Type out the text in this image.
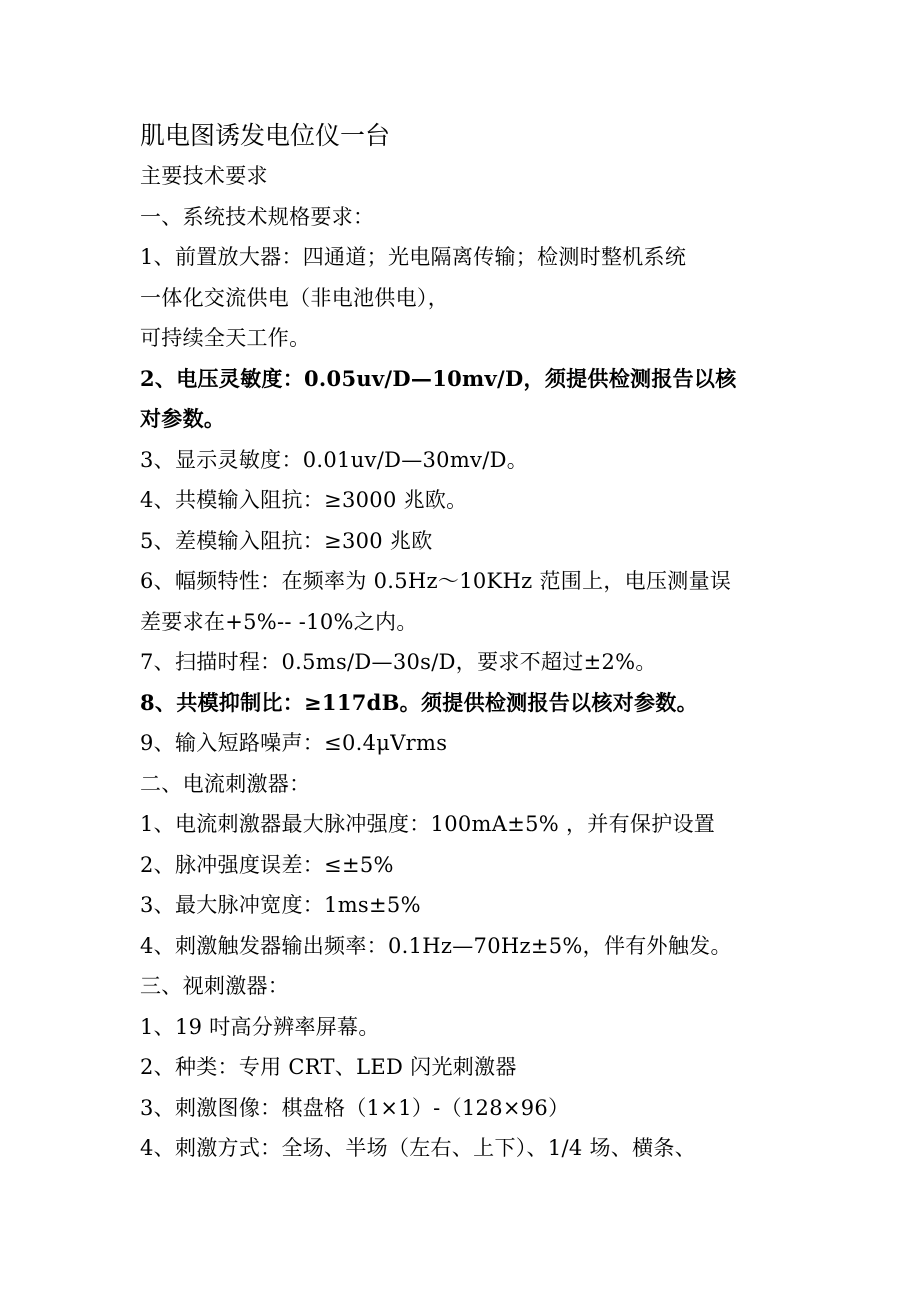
肌电图诱发电位仪一台

主要技术要求

一、系统技术规格要求：

1、前置放大器：四通道；光电隔离传输；检测时整机系统

一体化交流供电（非电池供电），

可持续全天工作。

2、电压灵敏度：0.05uv/D—10mv/D，须提供检测报告以核

对参数。

3、显示灵敏度：0.01uv/D—30mv/D。

4、共模输入阻抗：≥3000 兆欧。

5、差模输入阻抗：≥300 兆欧

6、幅频特性：在频率为 0.5Hz～10KHz 范围上，电压测量误

差要求在+5%-- -10%之内。

7、扫描时程：0.5ms/D—30s/D，要求不超过±2%。

8、共模抑制比：≥117dB。须提供检测报告以核对参数。

9、输入短路噪声：≤0.4μVrms

二、电流刺激器：

1、电流刺激器最大脉冲强度：100mA±5% ，并有保护设置

2、脉冲强度误差：≤±5%

3、最大脉冲宽度：1ms±5%

4、刺激触发器输出频率：0.1Hz—70Hz±5%，伴有外触发。

三、视刺激器：

1、19 吋高分辨率屏幕。

2、种类：专用 CRT、LED 闪光刺激器

3、刺激图像：棋盘格（1×1）-（128×96）

4、刺激方式：全场、半场（左右、上下）、1/4 场、横条、
